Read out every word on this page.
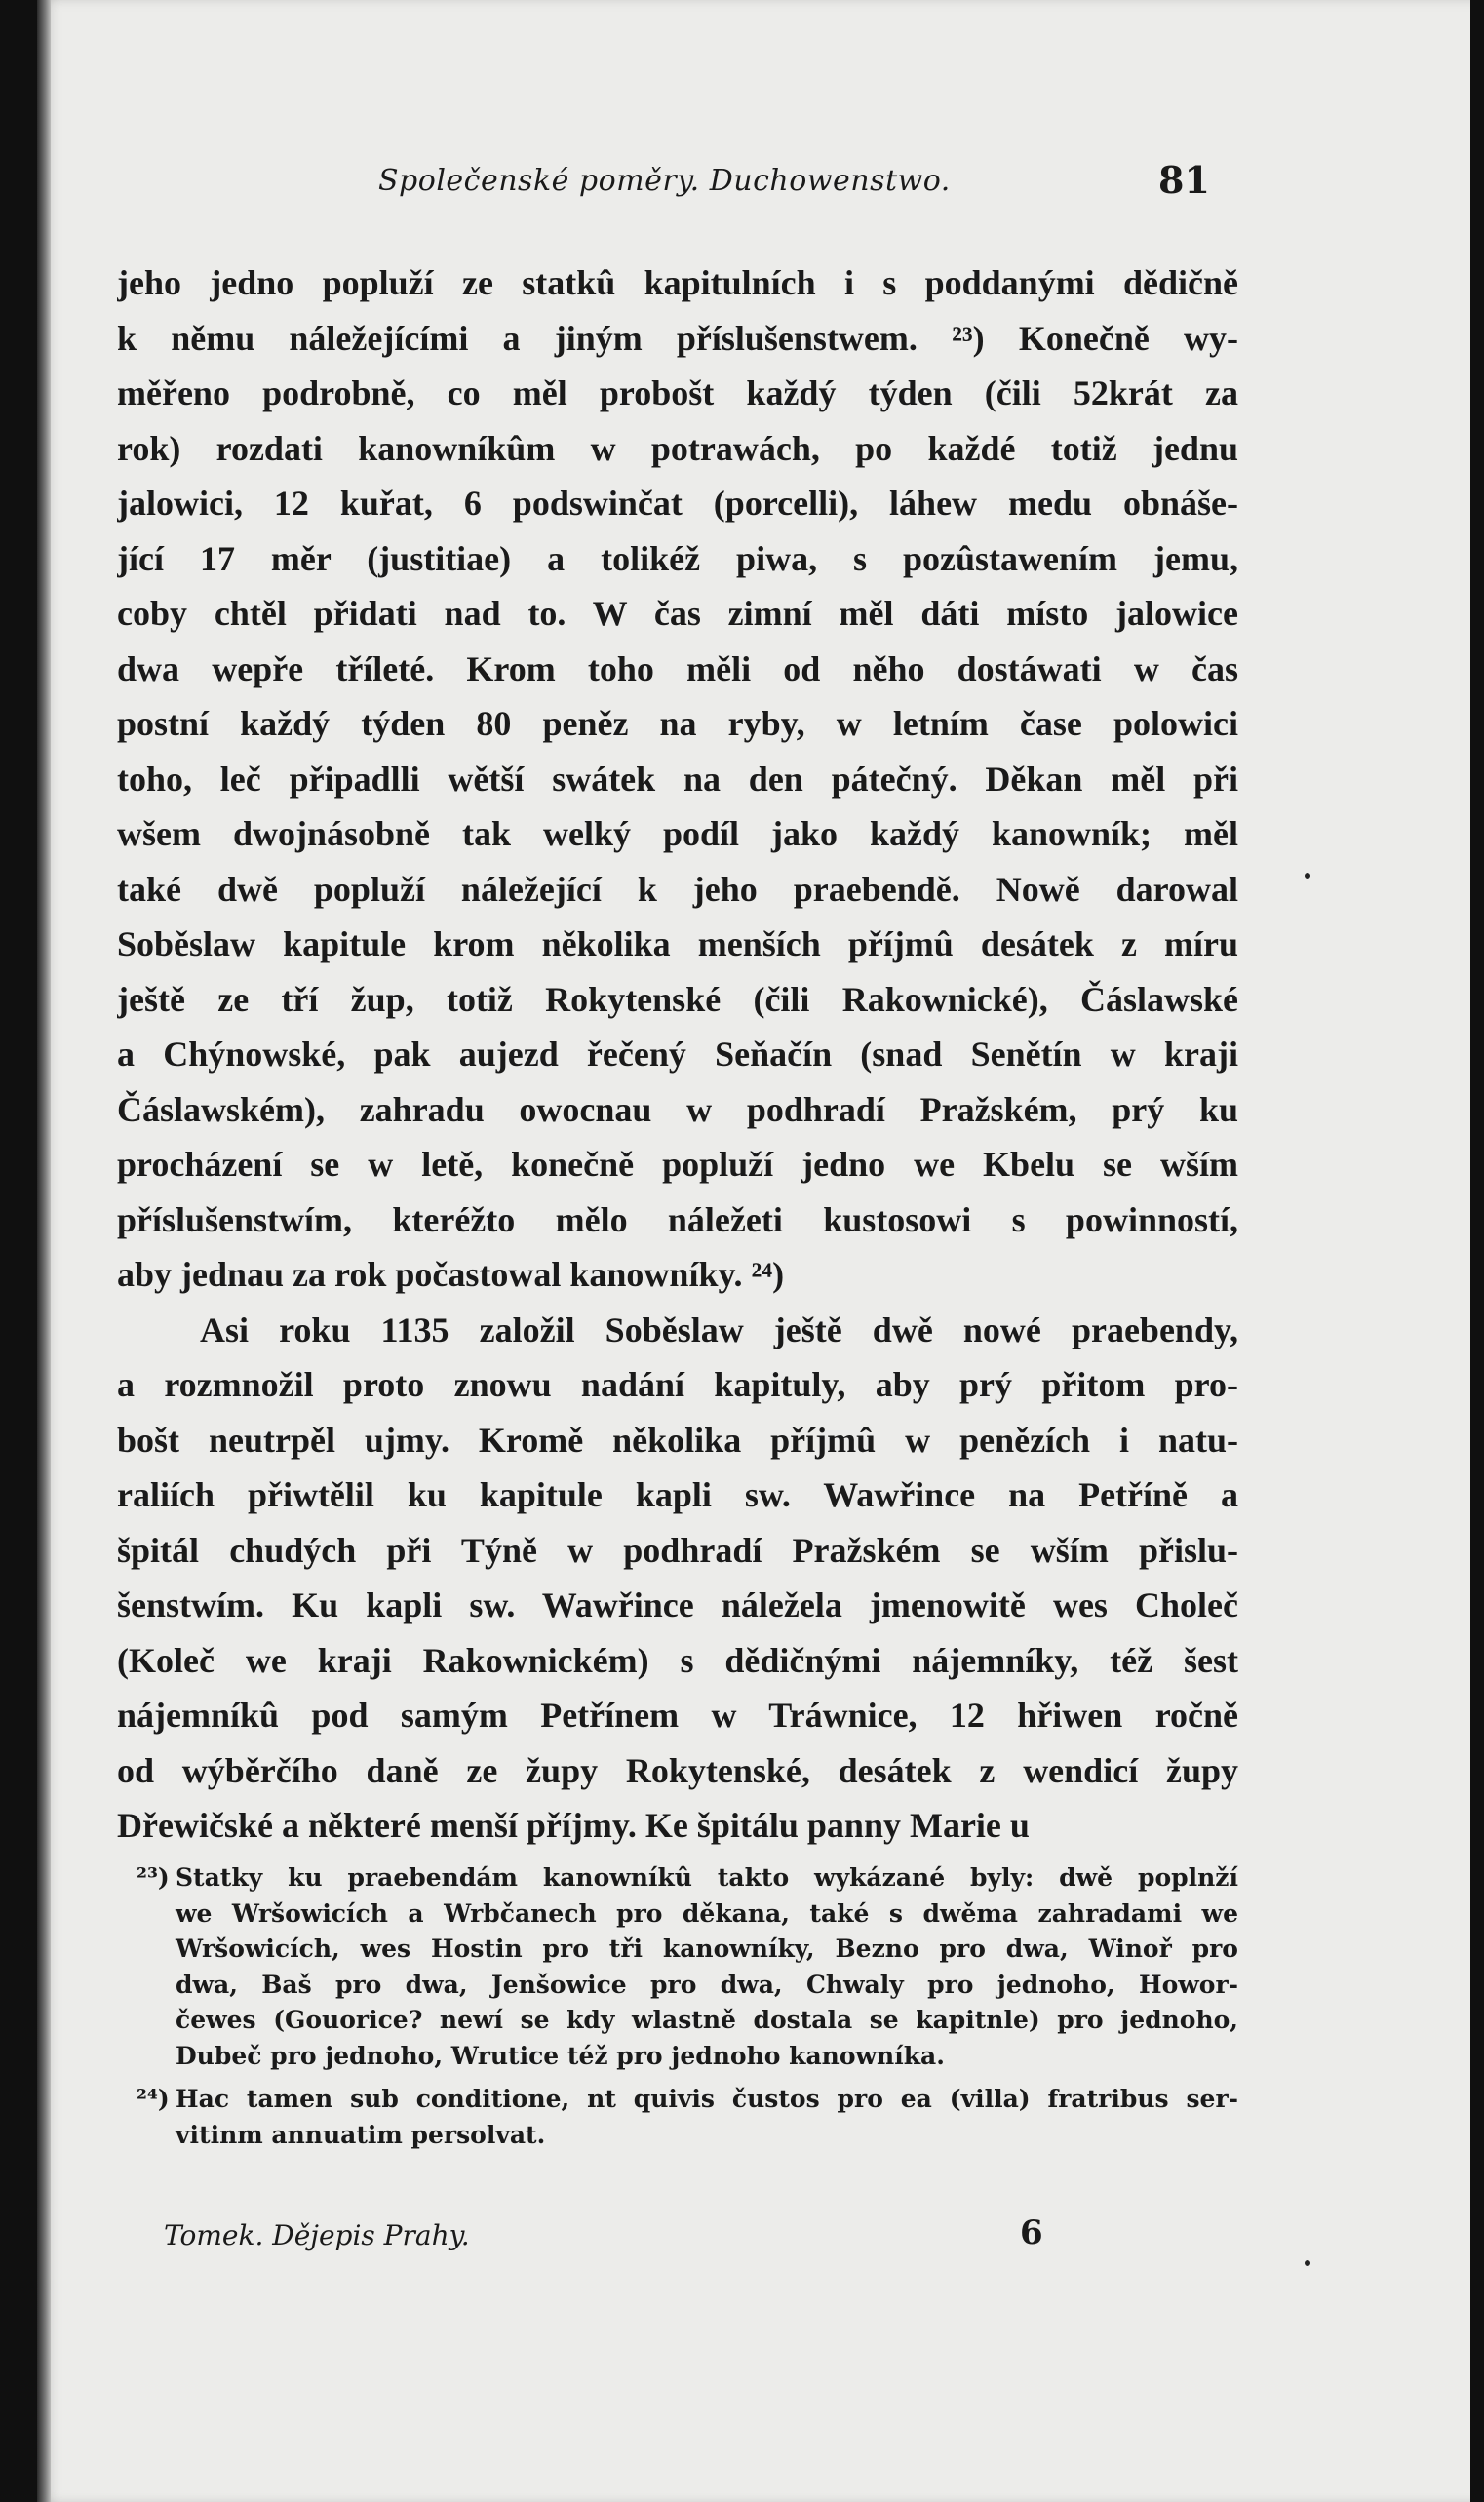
Společenské poměry. Duchowenstwo.	81
jeho jedno popluží ze statkû kapitulních i s poddanými dědičně
k němu náležejícími a jiným příslušenstwem. ²³) Konečně wy-
měřeno podrobně, co měl probošt každý týden (čili 52krát za
rok) rozdati kanowníkûm w potrawách, po každé totiž jednu
jalowici, 12 kuřat, 6 podswinčat (porcelli), láhew medu obnáše-
jící 17 měr (justitiae) a tolikéž piwa, s pozûstawením jemu,
coby chtěl přidati nad to. W čas zimní měl dáti místo jalowice
dwa wepře tříleté. Krom toho měli od něho dostáwati w čas
postní každý týden 80 peněz na ryby, w letním čase polowici
toho, leč připadlli wětší swátek na den pátečný. Děkan měl při
wšem dwojnásobně tak welký podíl jako každý kanowník; měl
také dwě popluží náležející k jeho praebendě. Nowě darowal
Soběslaw kapitule krom několika menších příjmû desátek z míru
ještě ze tří žup, totiž Rokytenské (čili Rakownické), Čáslawské
a Chýnowské, pak aujezd řečený Seňačín (snad Senětín w kraji
Čáslawském), zahradu owocnau w podhradí Pražském, prý ku
procházení se w letě, konečně popluží jedno we Kbelu se wším
příslušenstwím, kteréžto mělo náležeti kustosowi s powinností,
aby jednau za rok počastowal kanowníky. ²⁴)
Asi roku 1135 založil Soběslaw ještě dwě nowé praebendy,
a rozmnožil proto znowu nadání kapituly, aby prý přitom pro-
bošt neutrpěl ujmy. Kromě několika příjmû w penězích i natu-
raliích přiwtělil ku kapitule kapli sw. Wawřince na Petříně a
špitál chudých při Týně w podhradí Pražském se wším přislu-
šenstwím. Ku kapli sw. Wawřince náležela jmenowitě wes Choleč
(Koleč we kraji Rakownickém) s dědičnými nájemníky, též šest
nájemníkû pod samým Petřínem w Tráwnice, 12 hřiwen ročně
od wýběrčího daně ze župy Rokytenské, desátek z wendicí župy
Dřewičské a některé menší příjmy. Ke špitálu panny Marie u
²³) Statky ku praebendám kanowníkû takto wykázané byly: dwě poplnží
we Wršowicích a Wrbčanech pro děkana, také s dwěma zahradami we
Wršowicích, wes Hostin pro tři kanowníky, Bezno pro dwa, Winoř pro
dwa, Baš pro dwa, Jenšowice pro dwa, Chwaly pro jednoho, Howor-
čewes (Gouorice? newí se kdy wlastně dostala se kapitnle) pro jednoho,
Dubeč pro jednoho, Wrutice též pro jednoho kanowníka.
²⁴) Hac tamen sub conditione, nt quivis čustos pro ea (villa) fratribus ser-
vitinm annuatim persolvat.
Tomek. Dějepis Prahy.	6
